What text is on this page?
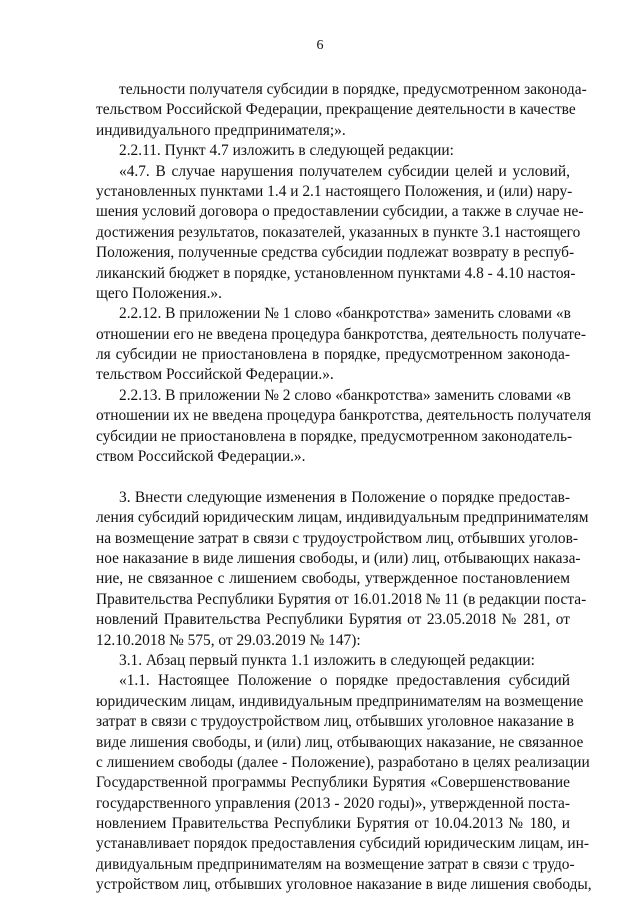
6
тельности получателя субсидии в порядке, предусмотренном законода-
тельством Российской Федерации, прекращение деятельности в качестве
индивидуального предпринимателя;».
2.2.11. Пункт 4.7 изложить в следующей редакции:
«4.7. В случае нарушения получателем субсидии целей и условий,
установленных пунктами 1.4 и 2.1 настоящего Положения, и (или) нару-
шения условий договора о предоставлении субсидии, а также в случае не-
достижения результатов, показателей, указанных в пункте 3.1 настоящего
Положения, полученные средства субсидии подлежат возврату в респуб-
ликанский бюджет в порядке, установленном пунктами 4.8 - 4.10 настоя-
щего Положения.».
2.2.12. В приложении № 1 слово «банкротства» заменить словами «в
отношении его не введена процедура банкротства, деятельность получате-
ля субсидии не приостановлена в порядке, предусмотренном законода-
тельством Российской Федерации.».
2.2.13. В приложении № 2 слово «банкротства» заменить словами «в
отношении их не введена процедура банкротства, деятельность получателя
субсидии не приостановлена в порядке, предусмотренном законодатель-
ством Российской Федерации.».
3. Внести следующие изменения в Положение о порядке предостав-
ления субсидий юридическим лицам, индивидуальным предпринимателям
на возмещение затрат в связи с трудоустройством лиц, отбывших уголов-
ное наказание в виде лишения свободы, и (или) лиц, отбывающих наказа-
ние, не связанное с лишением свободы, утвержденное постановлением
Правительства Республики Бурятия от 16.01.2018 № 11 (в редакции поста-
новлений Правительства Республики Бурятия от 23.05.2018 № 281, от
12.10.2018 № 575, от 29.03.2019 № 147):
3.1. Абзац первый пункта 1.1 изложить в следующей редакции:
«1.1. Настоящее Положение о порядке предоставления субсидий
юридическим лицам, индивидуальным предпринимателям на возмещение
затрат в связи с трудоустройством лиц, отбывших уголовное наказание в
виде лишения свободы, и (или) лиц, отбывающих наказание, не связанное
с лишением свободы (далее - Положение), разработано в целях реализации
Государственной программы Республики Бурятия «Совершенствование
государственного управления (2013 - 2020 годы)», утвержденной поста-
новлением Правительства Республики Бурятия от 10.04.2013 № 180, и
устанавливает порядок предоставления субсидий юридическим лицам, ин-
дивидуальным предпринимателям на возмещение затрат в связи с трудо-
устройством лиц, отбывших уголовное наказание в виде лишения свободы,
